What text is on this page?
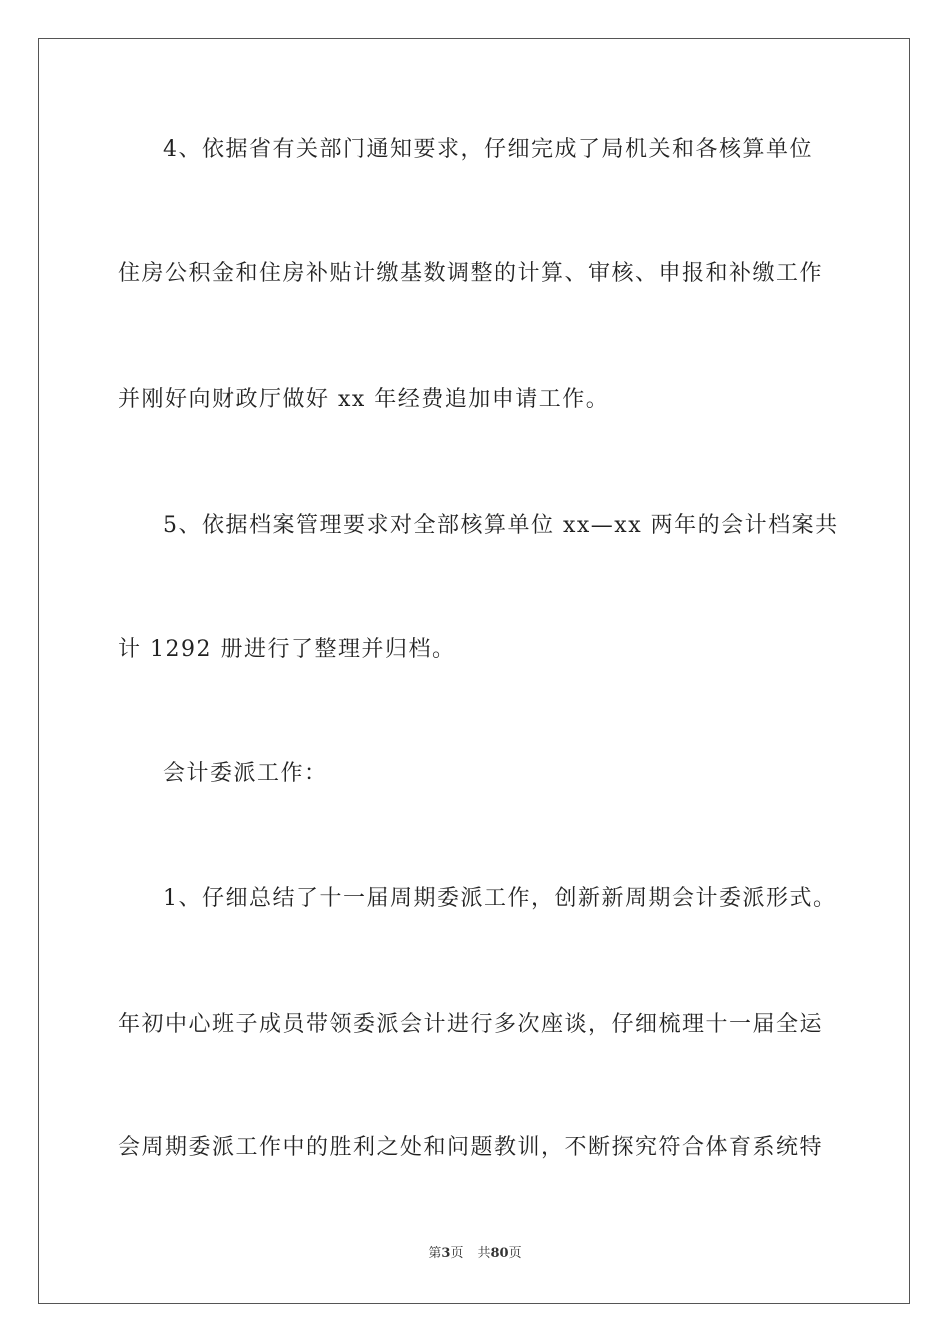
4、依据省有关部门通知要求，仔细完成了局机关和各核算单位
住房公积金和住房补贴计缴基数调整的计算、审核、申报和补缴工作
并刚好向财政厅做好 xx 年经费追加申请工作。
5、依据档案管理要求对全部核算单位 xx—xx 两年的会计档案共
计 1292 册进行了整理并归档。
会计委派工作：
1、仔细总结了十一届周期委派工作，创新新周期会计委派形式。
年初中心班子成员带领委派会计进行多次座谈，仔细梳理十一届全运
会周期委派工作中的胜利之处和问题教训，不断探究符合体育系统特
第3页 共80页
